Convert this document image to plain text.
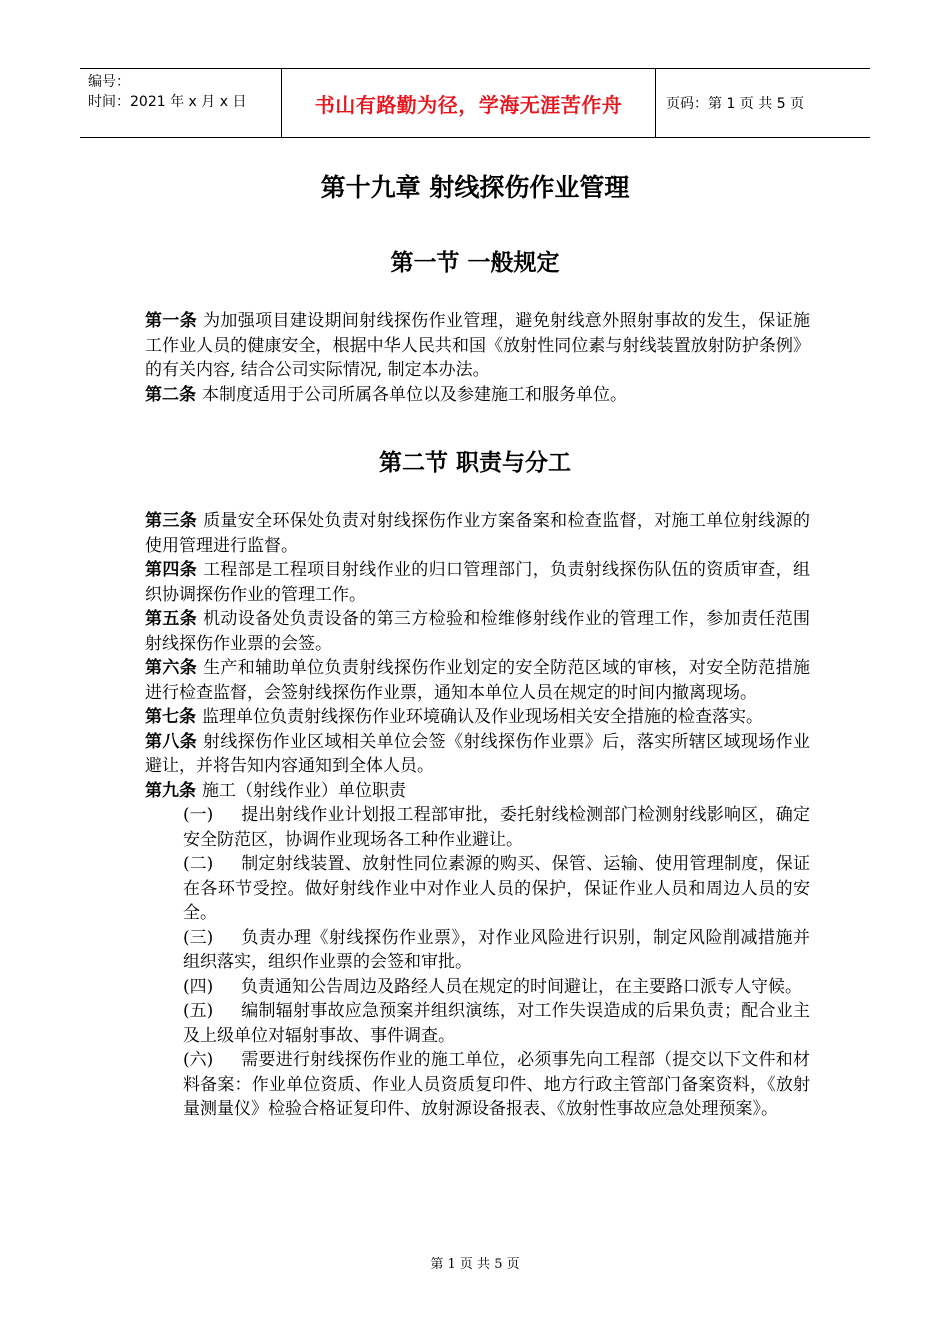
编号：
时间：2021 年 x 月 x 日	书山有路勤为径，学海无涯苦作舟	页码：第 1 页 共 5 页
第十九章 射线探伤作业管理
第一节 一般规定

第一条 为加强项目建设期间射线探伤作业管理，避免射线意外照射事故的发生，保证施工作业人员的健康安全，根据中华人民共和国《放射性同位素与射线装置放射防护条例》的有关内容, 结合公司实际情况, 制定本办法。

第二条 本制度适用于公司所属各单位以及参建施工和服务单位。

第二节 职责与分工

第三条 质量安全环保处负责对射线探伤作业方案备案和检查监督，对施工单位射线源的使用管理进行监督。

第四条 工程部是工程项目射线作业的归口管理部门，负责射线探伤队伍的资质审查，组织协调探伤作业的管理工作。

第五条 机动设备处负责设备的第三方检验和检维修射线作业的管理工作，参加责任范围射线探伤作业票的会签。

第六条 生产和辅助单位负责射线探伤作业划定的安全防范区域的审核，对安全防范措施进行检查监督，会签射线探伤作业票，通知本单位人员在规定的时间内撤离现场。

第七条 监理单位负责射线探伤作业环境确认及作业现场相关安全措施的检查落实。

第八条 射线探伤作业区域相关单位会签《射线探伤作业票》后，落实所辖区域现场作业避让，并将告知内容通知到全体人员。

第九条 施工（射线作业）单位职责

(一) 提出射线作业计划报工程部审批，委托射线检测部门检测射线影响区，确定安全防范区，协调作业现场各工种作业避让。

(二) 制定射线装置、放射性同位素源的购买、保管、运输、使用管理制度，保证在各环节受控。做好射线作业中对作业人员的保护，保证作业人员和周边人员的安全。

(三) 负责办理《射线探伤作业票》，对作业风险进行识别，制定风险削减措施并组织落实，组织作业票的会签和审批。

(四) 负责通知公告周边及路经人员在规定的时间避让，在主要路口派专人守候。

(五) 编制辐射事故应急预案并组织演练，对工作失误造成的后果负责；配合业主及上级单位对辐射事故、事件调查。

(六) 需要进行射线探伤作业的施工单位，必须事先向工程部（提交以下文件和材料备案：作业单位资质、作业人员资质复印件、地方行政主管部门备案资料，《放射量测量仪》检验合格证复印件、放射源设备报表、《放射性事故应急处理预案》。

第 1 页 共 5 页
